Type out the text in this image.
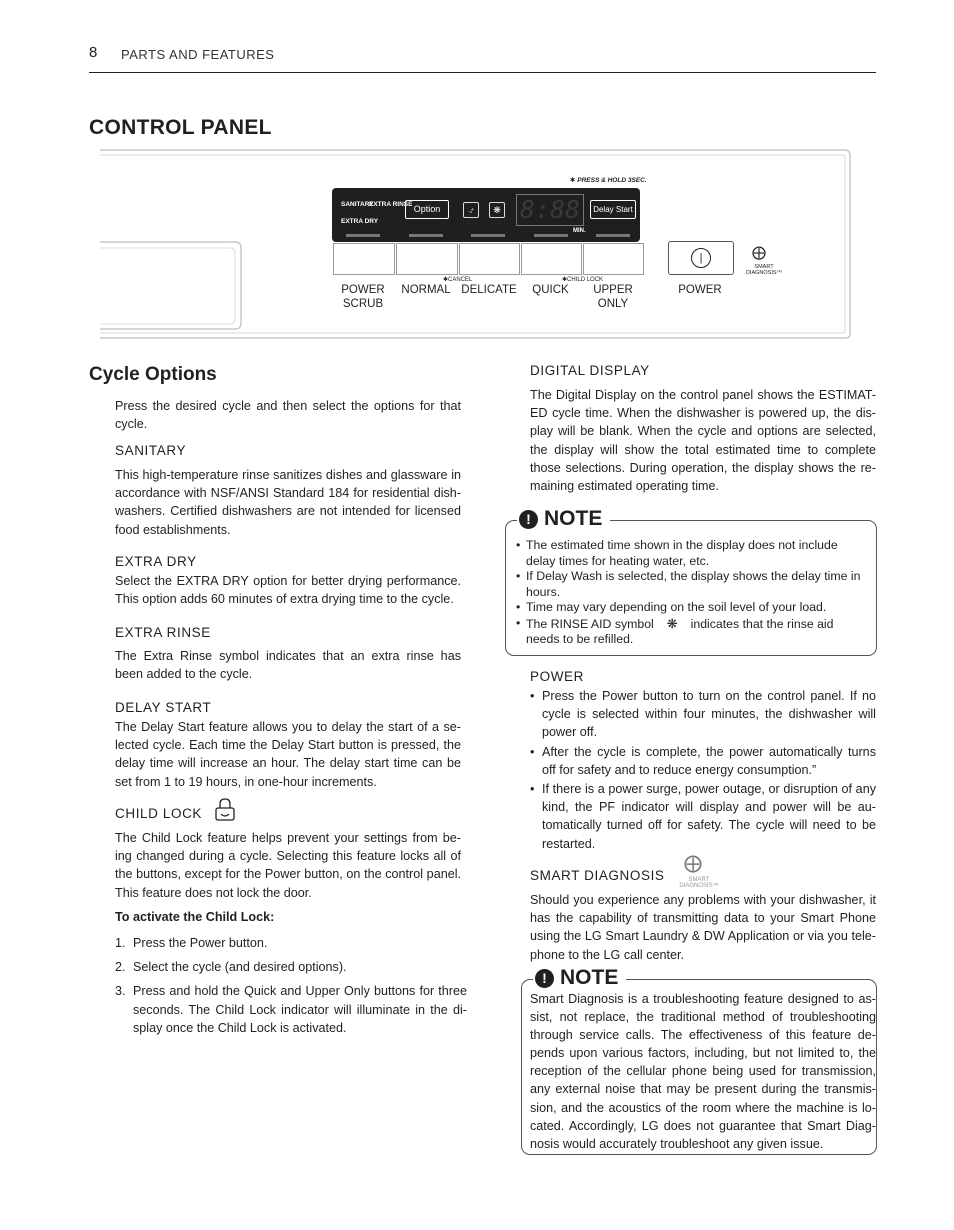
8 PARTS AND FEATURES
CONTROL PANEL
✱ PRESS & HOLD 3SEC.
SANITARY
EXTRA RINSE
EXTRA DRY
Option	⍻	❋ 8:88
MIN.
Delay Start
✱CANCEL	✱CHILD LOCK
POWER SCRUB
NORMAL DELICATE	QUICK	UPPER ONLY
|
POWER
⨁
SMART DIAGNOSIS™
Cycle Options
Press the desired cycle and then select the options for that cycle.
SANITARY
This high-temperature rinse sanitizes dishes and glassware in accordance with NSF/ANSI Standard 184 for residential dish-washers. Certified dishwashers are not intended for licensed food establishments.
EXTRA DRY
Select the EXTRA DRY option for better drying performance. This option adds 60 minutes of extra drying time to the cycle.
EXTRA RINSE
The Extra Rinse symbol indicates that an extra rinse has been added to the cycle.
DELAY START
The Delay Start feature allows you to delay the start of a se-lected cycle. Each time the Delay Start button is pressed, the delay time will increase an hour. The delay start time can be set from 1 to 19 hours, in one-hour increments.
CHILD LOCK
The Child Lock feature helps prevent your settings from be-ing changed during a cycle. Selecting this feature locks all of the buttons, except for the Power button, on the control panel. This feature does not lock the door.
To activate the Child Lock:
1. Press the Power button.
2. Select the cycle (and desired options).
3. Press and hold the Quick and Upper Only buttons for three seconds. The Child Lock indicator will illuminate in the di-splay once the Child Lock is activated.
DIGITAL DISPLAY
The Digital Display on the control panel shows the ESTIMAT-ED cycle time. When the dishwasher is powered up, the dis-play will be blank. When the cycle and options are selected, the display will show the total estimated time to complete those selections. During operation, the display shows the re-maining estimated operating time.
! NOTE
• The estimated time shown in the display does not include delay times for heating water, etc.
• If Delay Wash is selected, the display shows the delay time in hours.
• Time may vary depending on the soil level of your load.
• The RINSE AID symbol ❋ indicates that the rinse aid needs to be refilled.
POWER
• Press the Power button to turn on the control panel. If no cycle is selected within four minutes, the dishwasher will power off.
• After the cycle is complete, the power automatically turns off for safety and to reduce energy consumption.”
• If there is a power surge, power outage, or disruption of any kind, the PF indicator will display and power will be au-tomatically turned off for safety. The cycle will need to be restarted.
SMART DIAGNOSIS
⨁
SMART DIAGNOSIS™
Should you experience any problems with your dishwasher, it has the capability of transmitting data to your Smart Phone using the LG Smart Laundry & DW Application or via you tele-phone to the LG call center.
! NOTE
Smart Diagnosis is a troubleshooting feature designed to as-sist, not replace, the traditional method of troubleshooting through service calls. The effectiveness of this feature de-pends upon various factors, including, but not limited to, the reception of the cellular phone being used for transmission, any external noise that may be present during the transmis-sion, and the acoustics of the room where the machine is lo-cated. Accordingly, LG does not guarantee that Smart Diag-nosis would accurately troubleshoot any given issue.
